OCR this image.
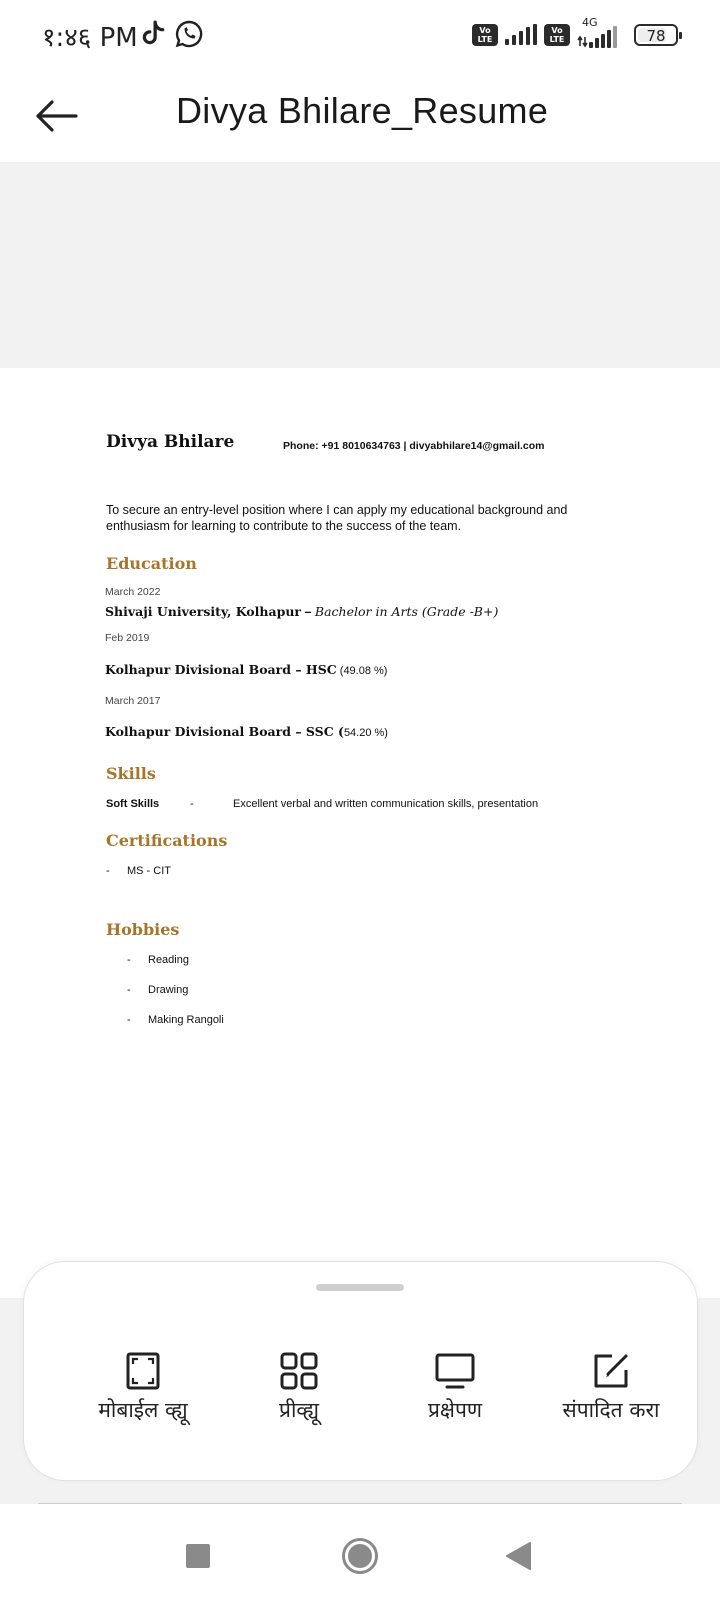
१:४६ PM	Vo LTE
Vo LTE
4G
78
Divya Bhilare_Resume
Divya Bhilare	Phone: +91 8010634763 | divyabhilare14@gmail.com
To secure an entry-level position where I can apply my educational background and enthusiasm for learning to contribute to the success of the team.
Education
March 2022
Shivaji University, Kolhapur – Bachelor in Arts (Grade -B+)
Feb 2019
Kolhapur Divisional Board – HSC (49.08 %)
March 2017
Kolhapur Divisional Board – SSC (54.20 %)
Skills
Soft Skills	-	Excellent verbal and written communication skills, presentation
Certifications
- MS - CIT
Hobbies
- Reading
- Drawing
- Making Rangoli
मोबाईल व्ह्यू	प्रीव्ह्यू	प्रक्षेपण	संपादित करा
